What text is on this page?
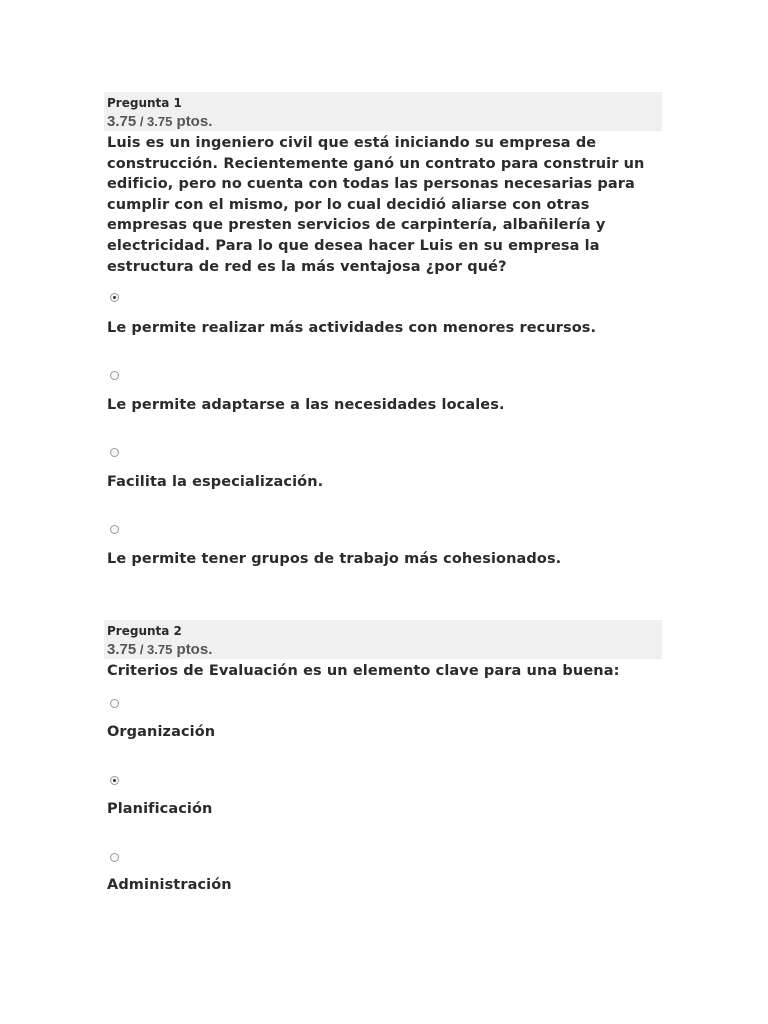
Pregunta 1
3.75 / 3.75 ptos.
Luis es un ingeniero civil que está iniciando su empresa de construcción. Recientemente ganó un contrato para construir un edificio, pero no cuenta con todas las personas necesarias para cumplir con el mismo, por lo cual decidió aliarse con otras empresas que presten servicios de carpintería, albañilería y electricidad. Para lo que desea hacer Luis en su empresa la estructura de red es la más ventajosa ¿por qué?
Le permite realizar más actividades con menores recursos.
Le permite adaptarse a las necesidades locales.
Facilita la especialización.
Le permite tener grupos de trabajo más cohesionados.
Pregunta 2
3.75 / 3.75 ptos.
Criterios de Evaluación es un elemento clave para una buena:
Organización
Planificación
Administración
